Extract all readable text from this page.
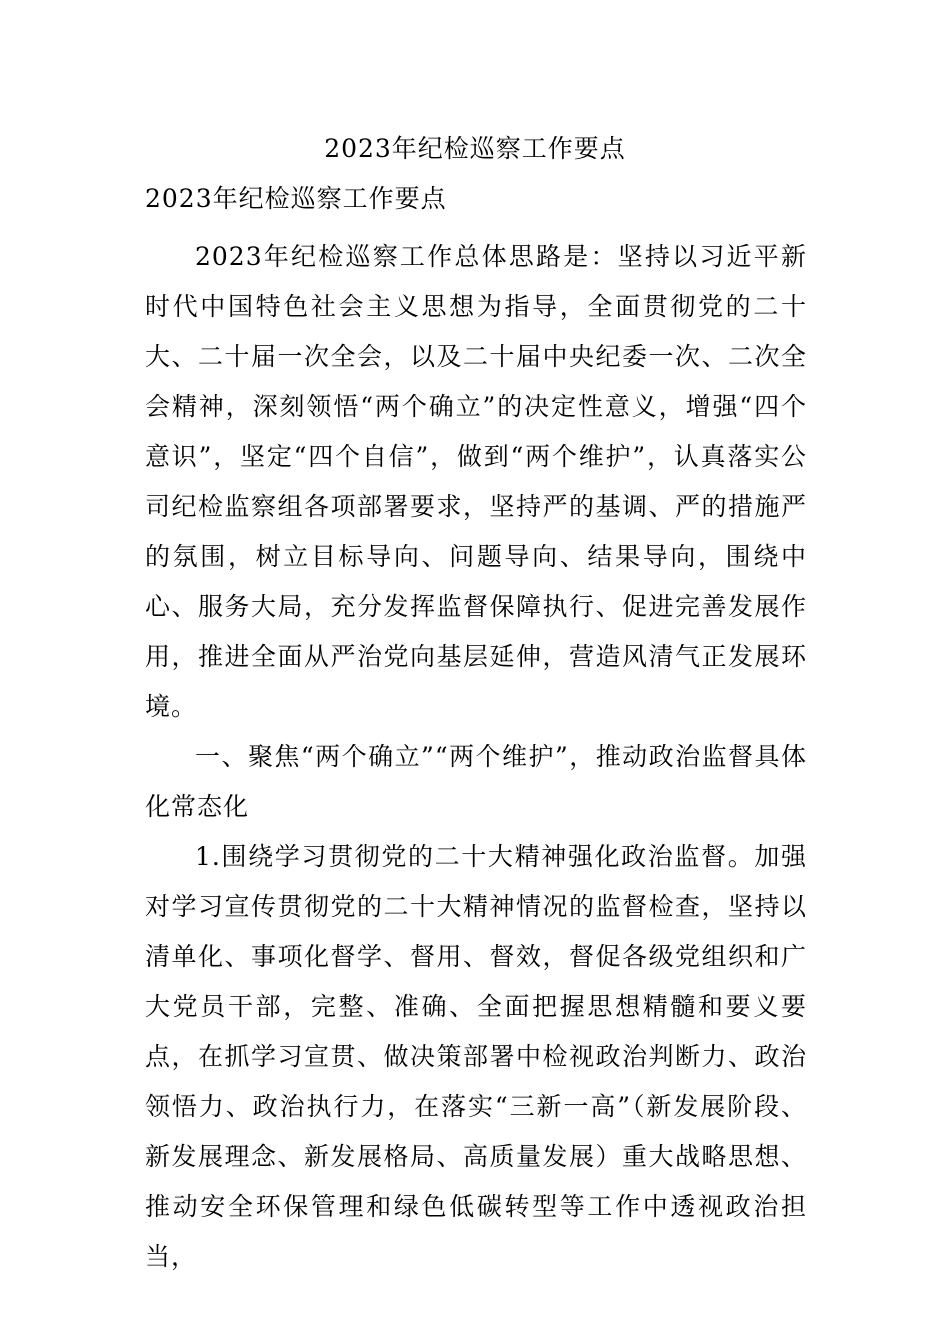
2023年纪检巡察工作要点
2023年纪检巡察工作要点

2023年纪检巡察工作总体思路是：坚持以习近平新时代中国特色社会主义思想为指导，全面贯彻党的二十大、二十届一次全会，以及二十届中央纪委一次、二次全会精神，深刻领悟“两个确立”的决定性意义，增强“四个意识”，坚定“四个自信”，做到“两个维护”，认真落实公司纪检监察组各项部署要求，坚持严的基调、严的措施严的氛围，树立目标导向、问题导向、结果导向，围绕中心、服务大局，充分发挥监督保障执行、促进完善发展作用，推进全面从严治党向基层延伸，营造风清气正发展环境。

一、聚焦“两个确立”“两个维护”，推动政治监督具体化常态化

1.围绕学习贯彻党的二十大精神强化政治监督。加强对学习宣传贯彻党的二十大精神情况的监督检查，坚持以清单化、事项化督学、督用、督效，督促各级党组织和广大党员干部，完整、准确、全面把握思想精髓和要义要点，在抓学习宣贯、做决策部署中检视政治判断力、政治领悟力、政治执行力，在落实“三新一高”（新发展阶段、新发展理念、新发展格局、高质量发展）重大战略思想、推动安全环保管理和绿色低碳转型等工作中透视政治担当，
